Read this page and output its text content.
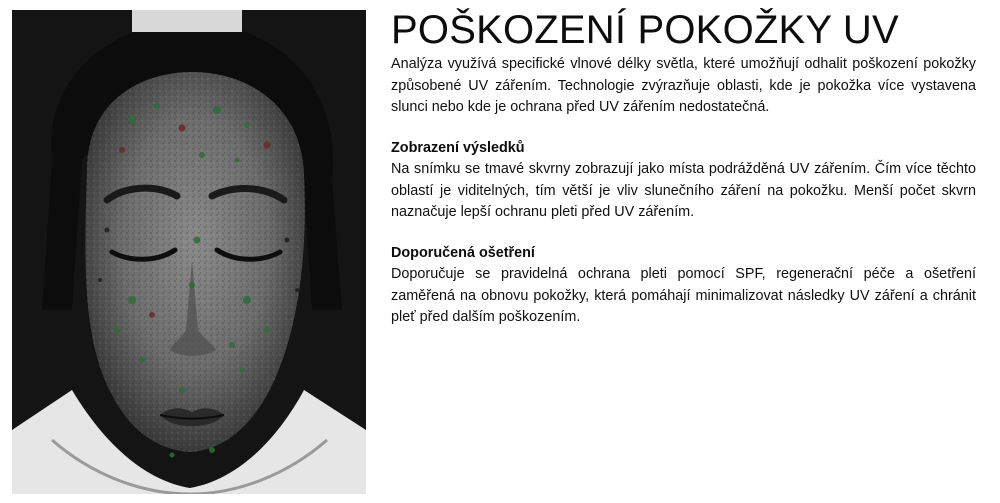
POŠKOZENÍ POKOŽKY UV

Analýza využívá specifické vlnové délky světla, které umožňují odhalit poškození pokožky způsobené UV zářením. Technologie zvýrazňuje oblasti, kde je pokožka více vystavena slunci nebo kde je ochrana před UV zářením nedostatečná.

Zobrazení výsledků

Na snímku se tmavé skvrny zobrazují jako místa podrážděná UV zářením. Čím více těchto oblastí je viditelných, tím větší je vliv slunečního záření na pokožku. Menší počet skvrn naznačuje lepší ochranu pleti před UV zářením.

Doporučená ošetření

Doporučuje se pravidelná ochrana pleti pomocí SPF, regenerační péče a ošetření zaměřená na obnovu pokožky, která pomáhají minimalizovat následky UV záření a chránit pleť před dalším poškozením.
